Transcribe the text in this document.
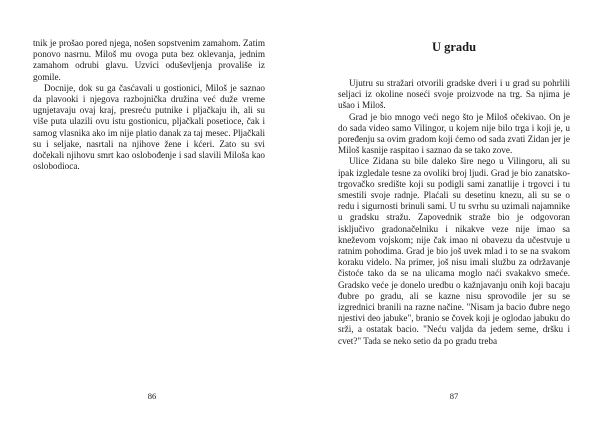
tnik je prošao pored njega, nošen sopstvenim zamahom. Zatim ponovo nasrnu. Miloš mu ovoga puta bez oklevanja, jednim zamahom odrubi glavu. Uzvici oduševljenja provališe iz gomile.

Docnije, dok su ga časćavali u gostionici, Miloš je saznao da plavooki i njegova razbojnička družina već duže vreme ugnjetavaju ovaj kraj, presreću putnike i pljačkaju ih, ali su više puta ulazili ovu istu gostionicu, pljačkali posetioce, čak i samog vlasnika ako im nije platio danak za taj mesec. Pljačkali su i seljake, nasrtali na njihove žene i kćeri. Zato su svi dočekali njihovu smrt kao oslobođenje i sad slavili Miloša kao oslobodioca.

86
U gradu

Ujutru su stražari otvorili gradske dveri i u grad su pohrlili seljaci iz okoline noseći svoje proizvode na trg. Sa njima je ušao i Miloš.

Grad je bio mnogo veći nego što je Miloš očekivao. On je do sada video samo Vilingor, u kojem nije bilo trga i koji je, u poređenju sa ovim gradom koji ćemo od sada zvati Zidan jer je Miloš kasnije raspitao i saznao da se tako zove.

Ulice Zidana su bile daleko šire nego u Vilingoru, ali su ipak izgledale tesne za ovoliki broj ljudi. Grad je bio zanatsko-trgovačko središte koji su podigli sami zanatlije i trgovci i tu smestili svoje radnje. Plaćali su desetinu knezu, ali su se o redu i sigurnosti brinuli sami. U tu svrhu su uzimali najamnike u gradsku stražu. Zapovednik straže bio je odgovoran isključivo gradonačelniku i nikakve veze nije imao sa kneževom vojskom; nije čak imao ni obavezu da učestvuje u ratnim pohodima. Grad je bio još uvek mlad i to se na svakom koraku videlo. Na primer, još nisu imali službu za održavanje čistoće tako da se na ulicama moglo naći svakakvo smeće. Gradsko veće je donelo uredbu o kažnjavanju onih koji bacaju đubre po gradu, ali se kazne nisu sprovodile jer su se izgrednici branili na razne načine. "Nisam ja bacio đubre nego njestivi deo jabuke", branio se čovek koji je oglodao jabuku do srži, a ostatak bacio. "Neću valjda da jedem seme, dršku i cvet?" Tada se neko setio da po gradu treba

87
